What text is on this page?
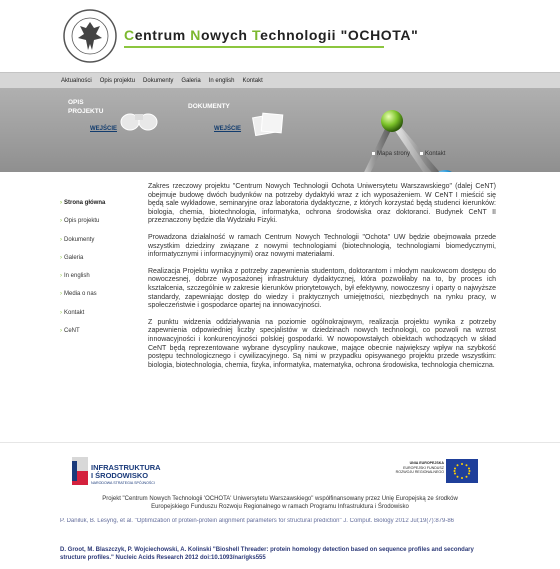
Centrum Nowych Technologii "OCHOTA"
Aktualności Opis projektu Dokumenty Galeria In english Kontakt
OPIS
PROJEKTU
WEJŚCIE
DOKUMENTY
WEJŚCIE
Mapa strony	Kontakt
› Strona główna
› Opis projektu
› Dokumenty
› Galeria
› In english
› Media o nas
› Kontakt
› CeNT

Zakres rzeczowy projektu "Centrum Nowych Technologii Ochota Uniwersytetu Warszawskiego" (dalej CeNT) obejmuje budowę dwóch budynków na potrzeby dydaktyki wraz z ich wyposażeniem. W CeNT I mieścić się będą sale wykładowe, seminaryjne oraz laboratoria dydaktyczne, z których korzystać będą studenci kierunków: biologia, chemia, biotechnologia, informatyka, ochrona środowiska oraz doktoranci. Budynek CeNT II przeznaczony będzie dla Wydziału Fizyki.

Prowadzona działalność w ramach Centrum Nowych Technologii "Ochota" UW będzie obejmowała przede wszystkim dziedziny związane z nowymi technologiami (biotechnologią, technologiami biomedycznymi, informatycznymi i informacyjnymi) oraz nowymi materiałami.

Realizacja Projektu wynika z potrzeby zapewnienia studentom, doktorantom i młodym naukowcom dostępu do nowoczesnej, dobrze wyposażonej infrastruktury dydaktycznej, która pozwoliłaby na to, by proces ich kształcenia, szczególnie w zakresie kierunków priorytetowych, był efektywny, nowoczesny i oparty o najwyższe standardy, zapewniając dostęp do wiedzy i praktycznych umiejętności, niezbędnych na rynku pracy, w społeczeństwie i gospodarce opartej na innowacyjności.

Z punktu widzenia oddziaływania na poziomie ogólnokrajowym, realizacja projektu wynika z potrzeby zapewnienia odpowiedniej liczby specjalistów w dziedzinach nowych technologii, co pozwoli na wzrost innowacyjności i konkurencyjności polskiej gospodarki. W nowopowstałych obiektach wchodzących w skład CeNT będą reprezentowane wybrane dyscypliny naukowe, mające obecnie największy wpływ na szybkość postępu technologicznego i cywilizacyjnego. Są nimi w przypadku opisywanego projektu przede wszystkim: biologia, biotechnologia, chemia, fizyka, informatyka, matematyka, ochrona środowiska, technologia chemiczna.

INFRASTRUKTURA
I ŚRODOWISKO
NARODOWA STRATEGIA SPÓJNOŚCI
UNIA EUROPEJSKA
EUROPEJSKI FUNDUSZ
ROZWOJU REGIONALNEGO
Projekt "Centrum Nowych Technologii 'OCHOTA' Uniwersytetu Warszawskiego" współfinansowany przez Unię Europejską ze środków
Europejskiego Funduszu Rozwoju Regionalnego w ramach Programu Infrastruktura i Środowisko
P. Daniluk, B. Lesyng, et al. "Optimization of protein-protein alignment parameters for structural prediction" J. Comput. Biology 2012 Jul;19(7):879-86
D. Groot, M. Blaszczyk, P. Wojciechowski, A. Kolinski "Bioshell Threader: protein homology detection based on sequence profiles and secondary structure profiles." Nucleic Acids Research 2012 doi:10.1093/nar/gks555
